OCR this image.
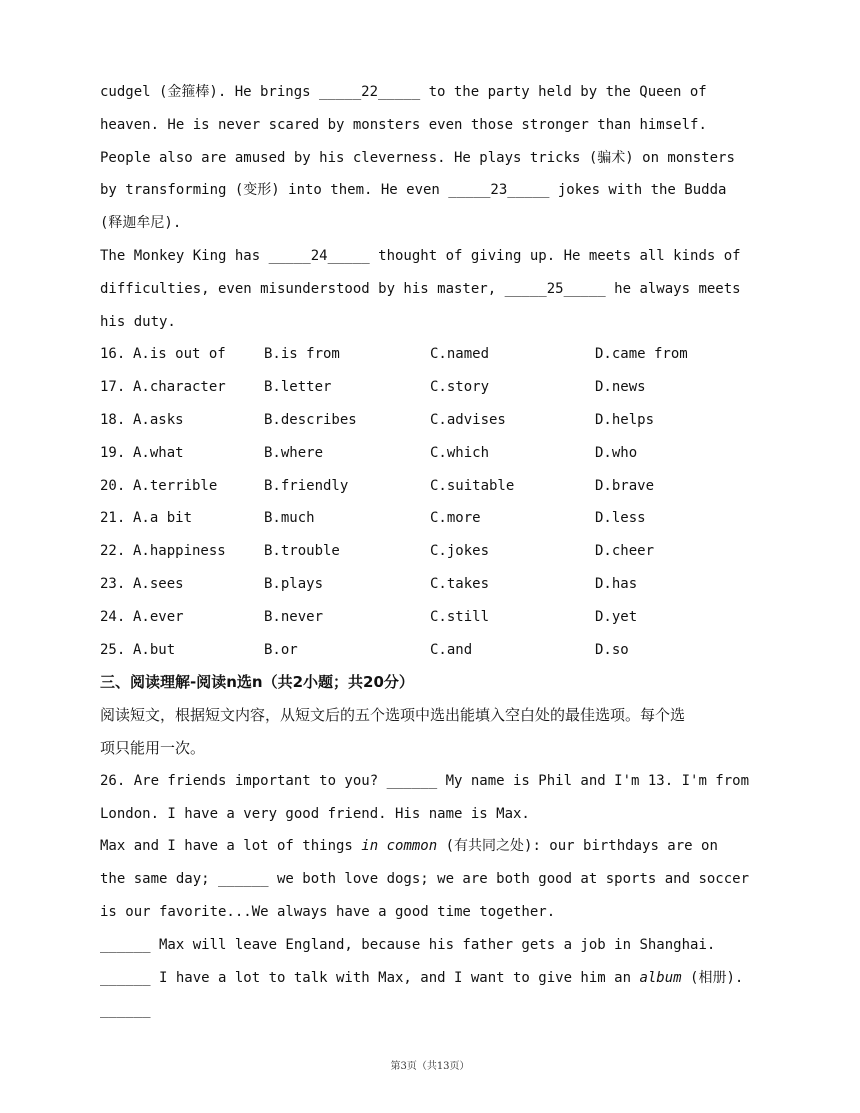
cudgel (金箍棒). He brings _____22_____ to the party held by the Queen of
heaven. He is never scared by monsters even those stronger than himself.
People also are amused by his cleverness. He plays tricks (骗术) on monsters
by transforming (变形) into them. He even _____23_____ jokes with the Budda
(释迦牟尼).
The Monkey King has _____24_____ thought of giving up. He meets all kinds of
difficulties, even misunderstood by his master, _____25_____ he always meets
his duty.
16. A.is out of	B.is from	C.named	D.came from
17. A.character	B.letter	C.story	D.news
18. A.asks	B.describes	C.advises	D.helps
19. A.what	B.where	C.which	D.who
20. A.terrible	B.friendly	C.suitable	D.brave
21. A.a bit	B.much	C.more	D.less
22. A.happiness	B.trouble	C.jokes	D.cheer
23. A.sees	B.plays	C.takes	D.has
24. A.ever	B.never	C.still	D.yet
25. A.but	B.or	C.and	D.so
三、阅读理解-阅读n选n（共2小题；共20分）
阅读短文，根据短文内容，从短文后的五个选项中选出能填入空白处的最佳选项。每个选
项只能用一次。
26. Are friends important to you? ______ My name is Phil and I'm 13. I'm from
London. I have a very good friend. His name is Max.
Max and I have a lot of things in common (有共同之处): our birthdays are on
the same day; ______ we both love dogs; we are both good at sports and soccer
is our favorite...We always have a good time together.
______ Max will leave England, because his father gets a job in Shanghai.
______ I have a lot to talk with Max, and I want to give him an album (相册).
______
第3页（共13页）
